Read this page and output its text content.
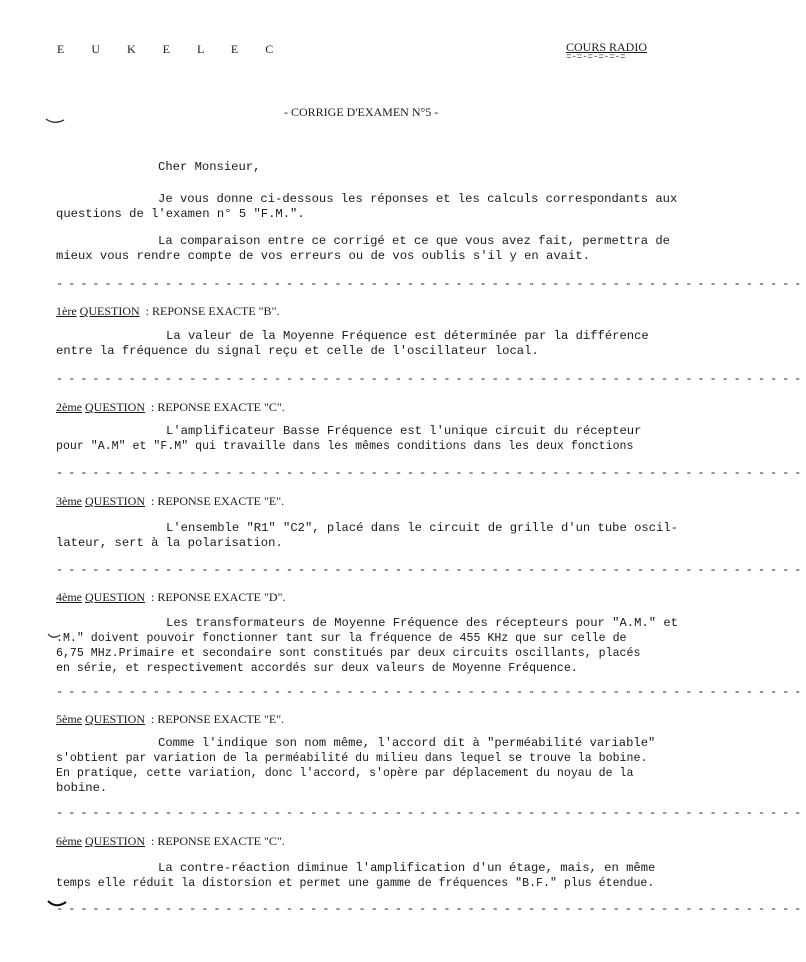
E U K E L E C	COURS RADIO
=-=-=-=-=-=
- CORRIGE D'EXAMEN N°5 -
Cher Monsieur,
Je vous donne ci-dessous les réponses et les calculs correspondants aux
questions de l'examen n° 5 "F.M.".
La comparaison entre ce corrigé et ce que vous avez fait, permettra de
mieux vous rendre compte de vos erreurs ou de vos oublis s'il y en avait.
--------------------------------------------------------------
1ère QUESTION : REPONSE EXACTE "B".
La valeur de la Moyenne Fréquence est déterminée par la différence
entre la fréquence du signal reçu et celle de l'oscillateur local.
--------------------------------------------------------------
2ème QUESTION : REPONSE EXACTE "C".
L'amplificateur Basse Fréquence est l'unique circuit du récepteur
pour "A.M" et "F.M" qui travaille dans les mêmes conditions dans les deux fonctions
--------------------------------------------------------------
3ème QUESTION : REPONSE EXACTE "E".
L'ensemble "R1" "C2", placé dans le circuit de grille d'un tube oscil-
lateur, sert à la polarisation.
--------------------------------------------------------------
4ème QUESTION : REPONSE EXACTE "D".
Les transformateurs de Moyenne Fréquence des récepteurs pour "A.M." et
.M." doivent pouvoir fonctionner tant sur la fréquence de 455 KHz que sur celle de
6,75 MHz.Primaire et secondaire sont constitués par deux circuits oscillants, placés
en série, et respectivement accordés sur deux valeurs de Moyenne Fréquence.
--------------------------------------------------------------
5ème QUESTION : REPONSE EXACTE "E".
Comme l'indique son nom même, l'accord dit à "perméabilité variable"
s'obtient par variation de la perméabilité du milieu dans lequel se trouve la bobine.
En pratique, cette variation, donc l'accord, s'opère par déplacement du noyau de la
bobine.
--------------------------------------------------------------
6ème QUESTION : REPONSE EXACTE "C".
La contre-réaction diminue l'amplification d'un étage, mais, en même
temps elle réduit la distorsion et permet une gamme de fréquences "B.F." plus étendue.
--------------------------------------------------------------
